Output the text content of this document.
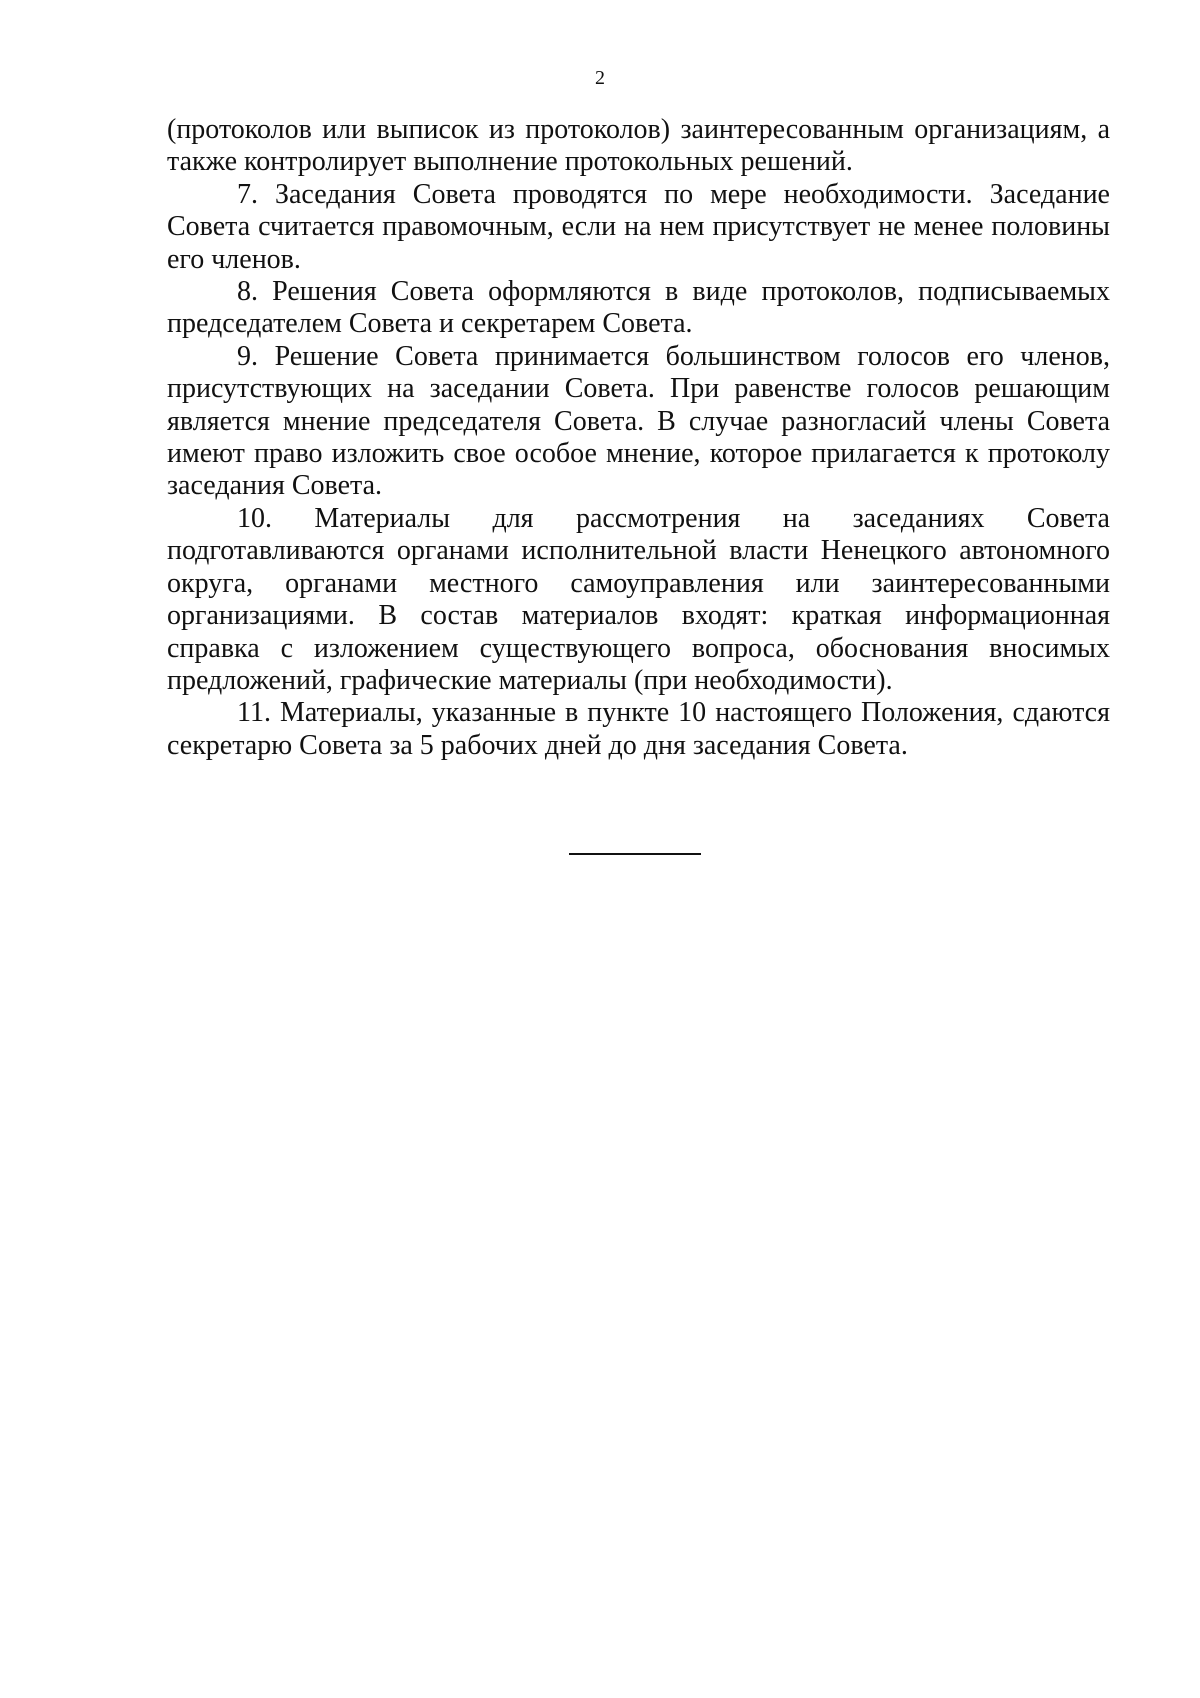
2

(протоколов или выписок из протоколов) заинтересованным организациям, а также контролирует выполнение протокольных решений.

7. Заседания Совета проводятся по мере необходимости. Заседание Совета считается правомочным, если на нем присутствует не менее половины его членов.

8. Решения Совета оформляются в виде протоколов, подписываемых председателем Совета и секретарем Совета.

9. Решение Совета принимается большинством голосов его членов, присутствующих на заседании Совета. При равенстве голосов решающим является мнение председателя Совета. В случае разногласий члены Совета имеют право изложить свое особое мнение, которое прилагается к протоколу заседания Совета.

10. Материалы для рассмотрения на заседаниях Совета подготавливаются органами исполнительной власти Ненецкого автономного округа, органами местного самоуправления или заинтересованными организациями. В состав материалов входят: краткая информационная справка с изложением существующего вопроса, обоснования вносимых предложений, графические материалы (при необходимости).

11. Материалы, указанные в пункте 10 настоящего Положения, сдаются секретарю Совета за 5 рабочих дней до дня заседания Совета.
